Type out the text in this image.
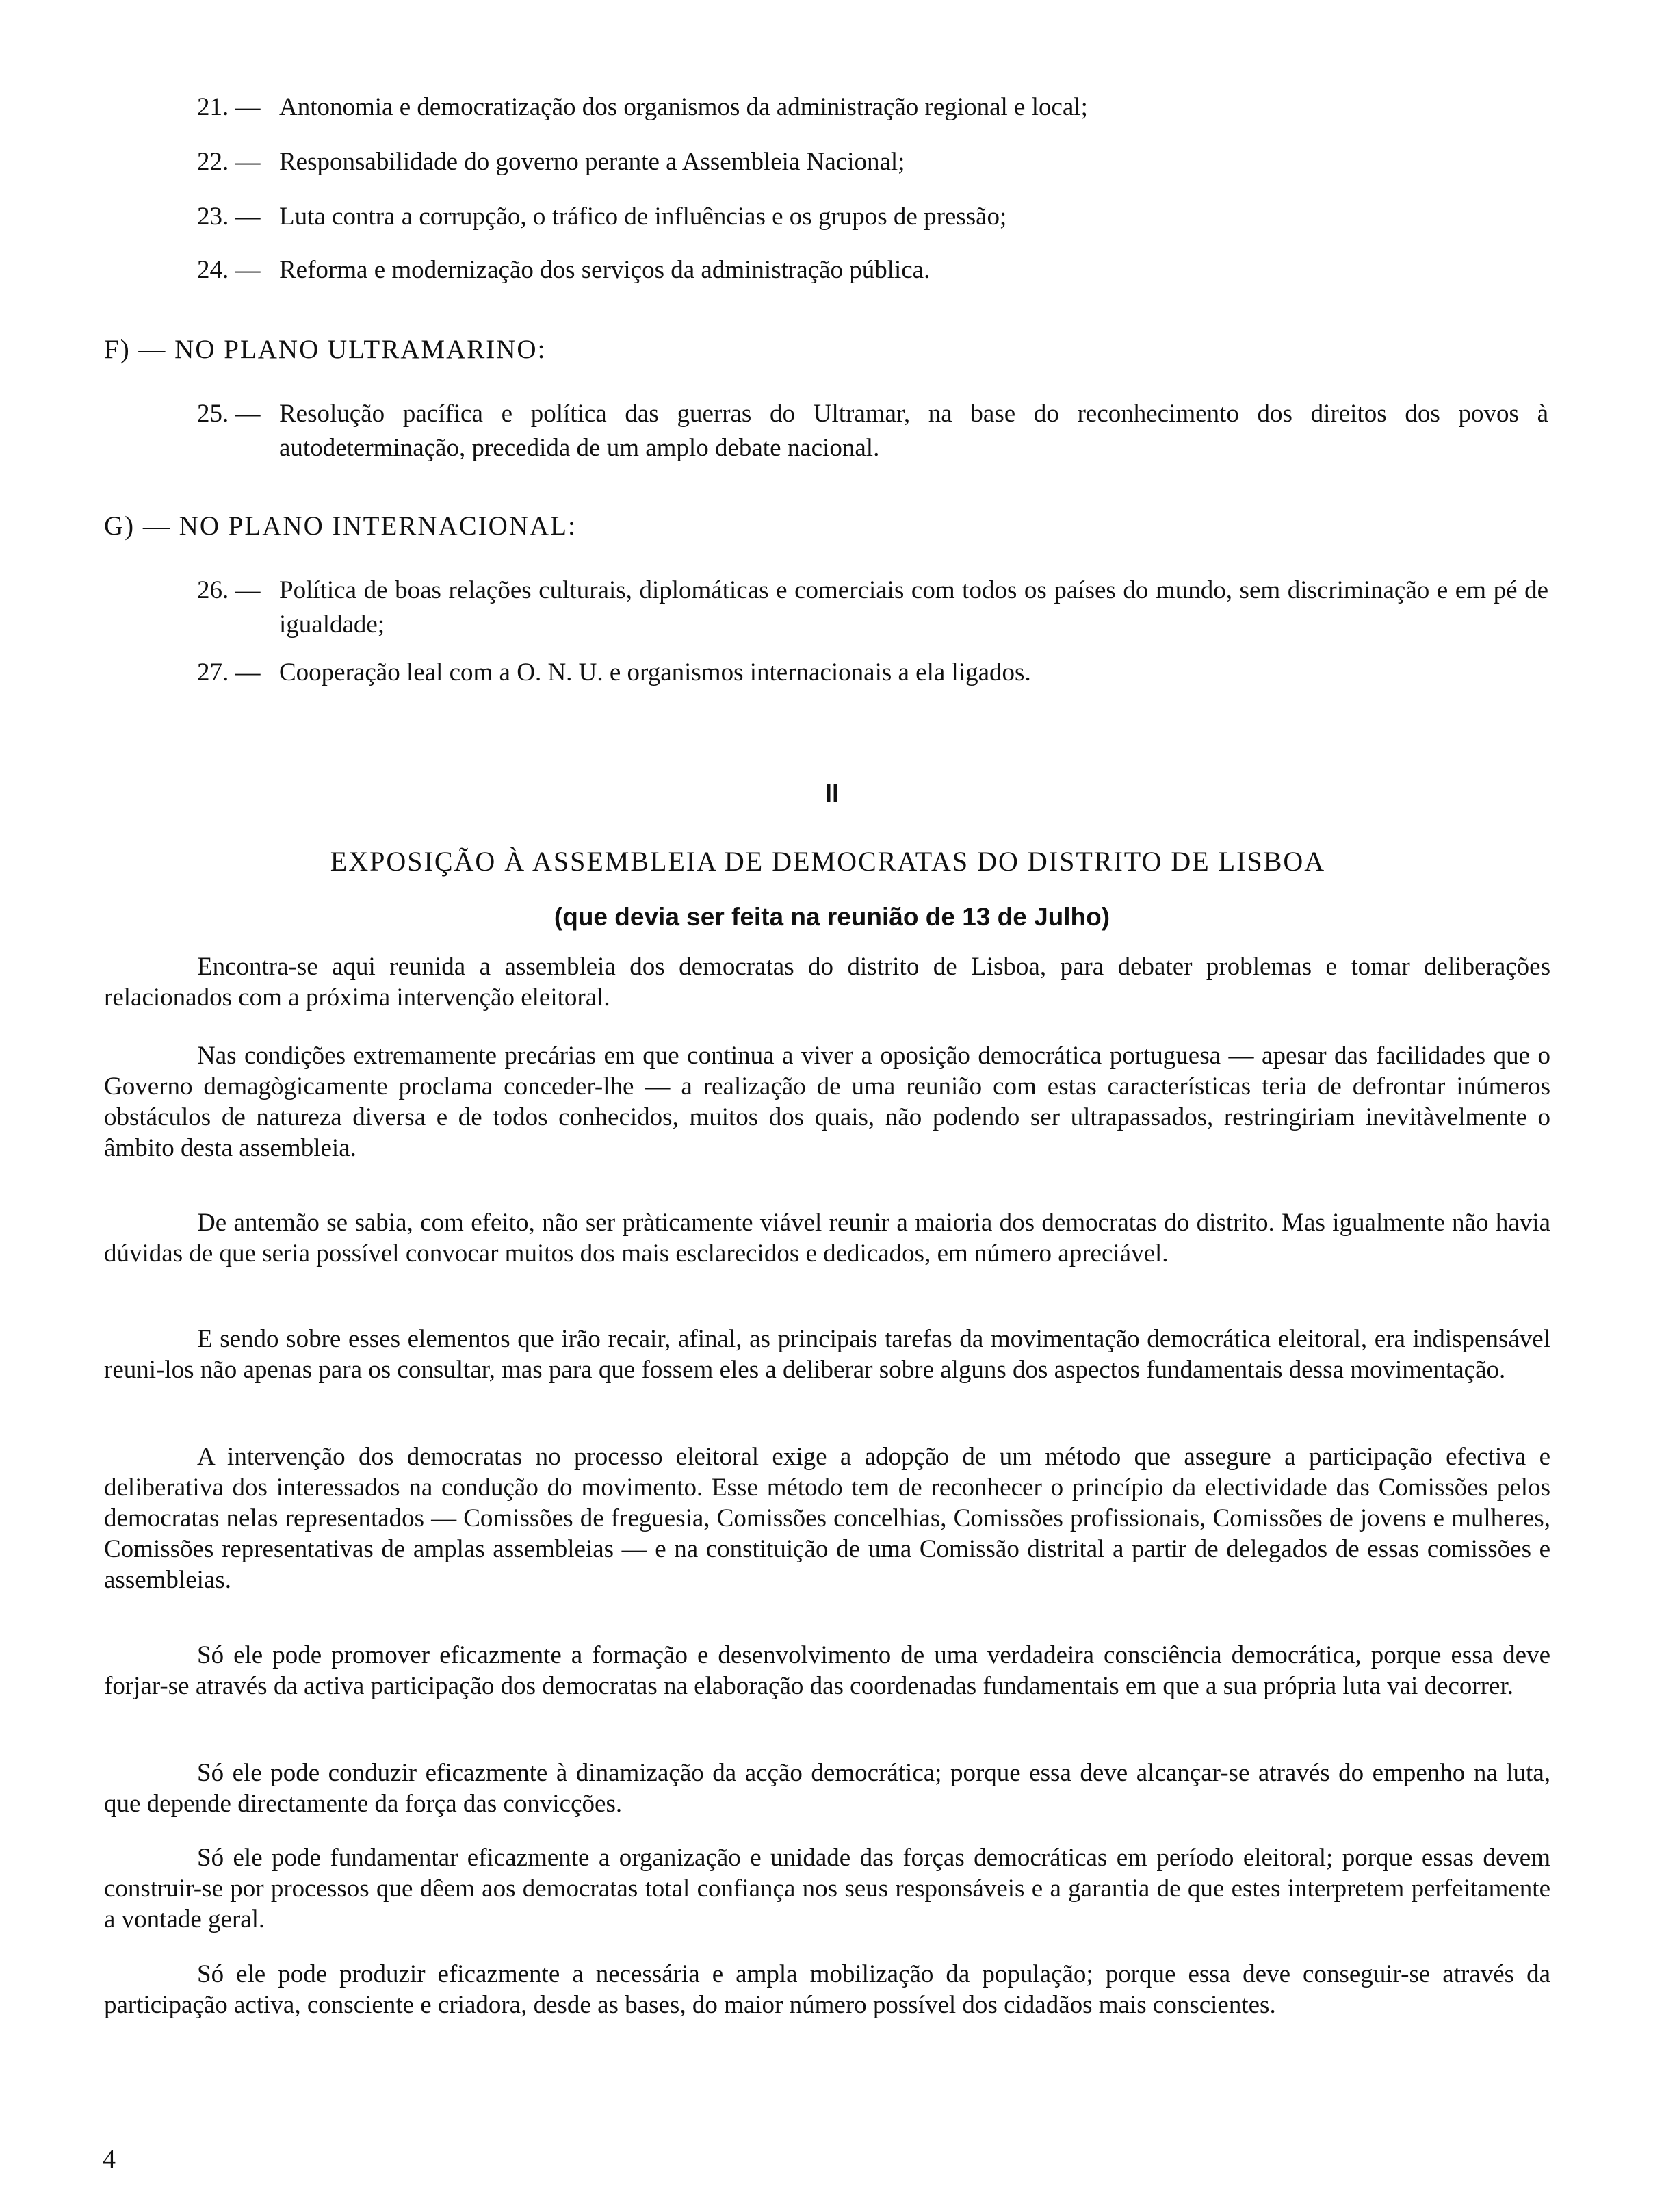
21. — Antonomia e democratização dos organismos da administração regional e local;
22. — Responsabilidade do governo perante a Assembleia Nacional;
23. — Luta contra a corrupção, o tráfico de influências e os grupos de pressão;
24. — Reforma e modernização dos serviços da administração pública.
F) — NO PLANO ULTRAMARINO:
25. — Resolução pacífica e política das guerras do Ultramar, na base do reconhecimento dos direitos dos povos à autodeterminação, precedida de um amplo debate nacional.
G) — NO PLANO INTERNACIONAL:
26. — Política de boas relações culturais, diplomáticas e comerciais com todos os países do mundo, sem discriminação e em pé de igualdade;
27. — Cooperação leal com a O. N. U. e organismos internacionais a ela ligados.
II
EXPOSIÇÃO À ASSEMBLEIA DE DEMOCRATAS DO DISTRITO DE LISBOA
(que devia ser feita na reunião de 13 de Julho)

Encontra-se aqui reunida a assembleia dos democratas do distrito de Lisboa, para debater problemas e tomar deliberações relacionados com a próxima intervenção eleitoral.

Nas condições extremamente precárias em que continua a viver a oposição democrática portuguesa — apesar das facilidades que o Governo demagògicamente proclama conceder-lhe — a realização de uma reunião com estas características teria de defrontar inúmeros obstáculos de natureza diversa e de todos conhecidos, muitos dos quais, não podendo ser ultrapassados, restringiriam inevitàvelmente o âmbito desta assembleia.

De antemão se sabia, com efeito, não ser pràticamente viável reunir a maioria dos democratas do distrito. Mas igualmente não havia dúvidas de que seria possível convocar muitos dos mais esclarecidos e dedicados, em número apreciável.

E sendo sobre esses elementos que irão recair, afinal, as principais tarefas da movimentação democrática eleitoral, era indispensável reuni-los não apenas para os consultar, mas para que fossem eles a deliberar sobre alguns dos aspectos fundamentais dessa movimentação.

A intervenção dos democratas no processo eleitoral exige a adopção de um método que assegure a participação efectiva e deliberativa dos interessados na condução do movimento. Esse método tem de reconhecer o princípio da electividade das Comissões pelos democratas nelas representados — Comissões de freguesia, Comissões concelhias, Comissões profissionais, Comissões de jovens e mulheres, Comissões representativas de amplas assembleias — e na constituição de uma Comissão distrital a partir de delegados de essas comissões e assembleias.

Só ele pode promover eficazmente a formação e desenvolvimento de uma verdadeira consciência democrática, porque essa deve forjar-se através da activa participação dos democratas na elaboração das coordenadas fundamentais em que a sua própria luta vai decorrer.

Só ele pode conduzir eficazmente à dinamização da acção democrática; porque essa deve alcançar-se através do empenho na luta, que depende directamente da força das convicções.

Só ele pode fundamentar eficazmente a organização e unidade das forças democráticas em período eleitoral; porque essas devem construir-se por processos que dêem aos democratas total confiança nos seus responsáveis e a garantia de que estes interpretem perfeitamente a vontade geral.

Só ele pode produzir eficazmente a necessária e ampla mobilização da população; porque essa deve conseguir-se através da participação activa, consciente e criadora, desde as bases, do maior número possível dos cidadãos mais conscientes.

4
